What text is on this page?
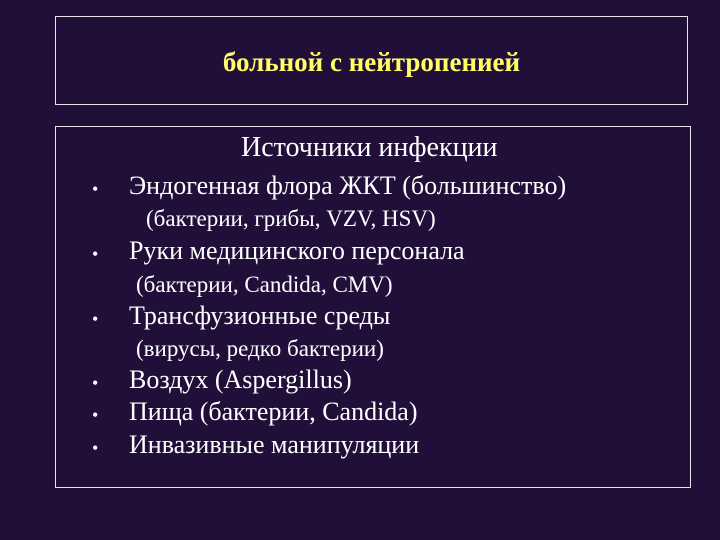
больной с нейтропенией
Источники инфекции
• Эндогенная флора ЖКТ (большинство)
(бактерии, грибы, VZV, HSV)
• Руки медицинского персонала
(бактерии, Candida, CMV)
• Трансфузионные среды
(вирусы, редко бактерии)
• Воздух (Aspergillus)
• Пища (бактерии, Candida)
• Инвазивные манипуляции
